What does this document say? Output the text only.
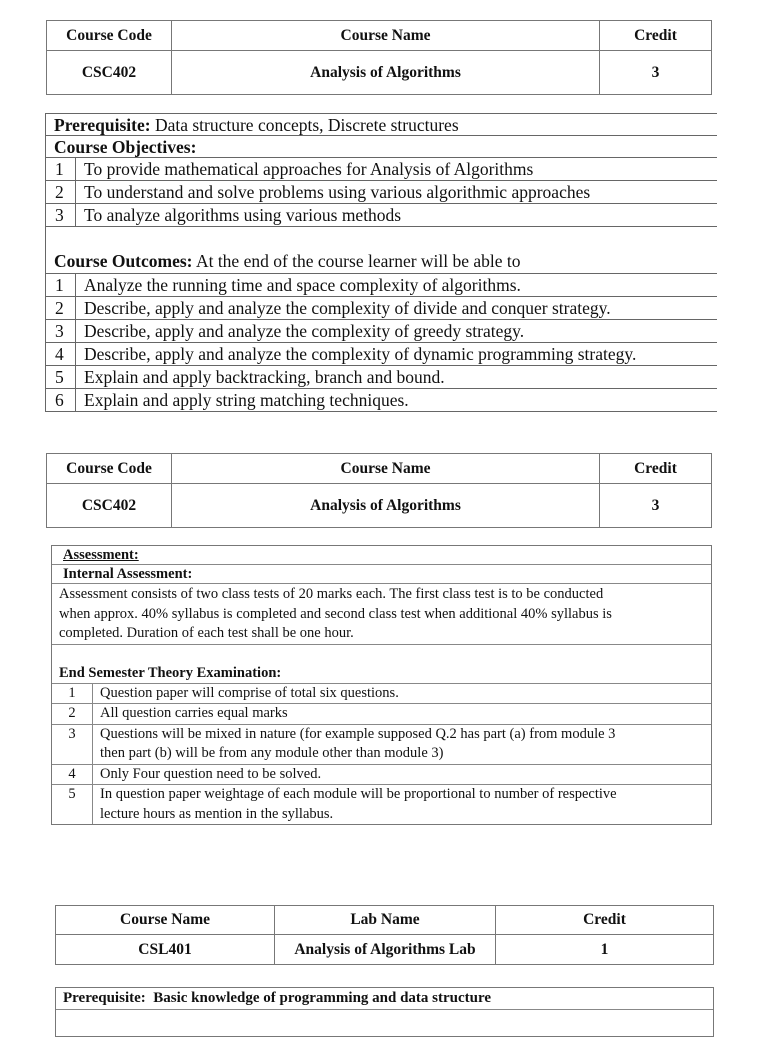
Course Code	Course Name	Credit
CSC402	Analysis of Algorithms	3
Prerequisite: Data structure concepts, Discrete structures
Course Objectives:
1	To provide mathematical approaches for Analysis of Algorithms
2	To understand and solve problems using various algorithmic approaches
3	To analyze algorithms using various methods
Course Outcomes: At the end of the course learner will be able to
1	Analyze the running time and space complexity of algorithms.
2	Describe, apply and analyze the complexity of divide and conquer strategy.
3	Describe, apply and analyze the complexity of greedy strategy.
4	Describe, apply and analyze the complexity of dynamic programming strategy.
5	Explain and apply backtracking, branch and bound.
6	Explain and apply string matching techniques.
Course Code	Course Name	Credit
CSC402	Analysis of Algorithms	3
Assessment:
Internal Assessment:
Assessment consists of two class tests of 20 marks each. The first class test is to be conducted
when approx. 40% syllabus is completed and second class test when additional 40% syllabus is
completed. Duration of each test shall be one hour.
End Semester Theory Examination:
1	Question paper will comprise of total six questions.
2	All question carries equal marks
3	Questions will be mixed in nature (for example supposed Q.2 has part (a) from module 3
then part (b) will be from any module other than module 3)
4	Only Four question need to be solved.
5	In question paper weightage of each module will be proportional to number of respective
lecture hours as mention in the syllabus.
Course Name	Lab Name	Credit
CSL401	Analysis of Algorithms Lab	1
Prerequisite: Basic knowledge of programming and data structure
